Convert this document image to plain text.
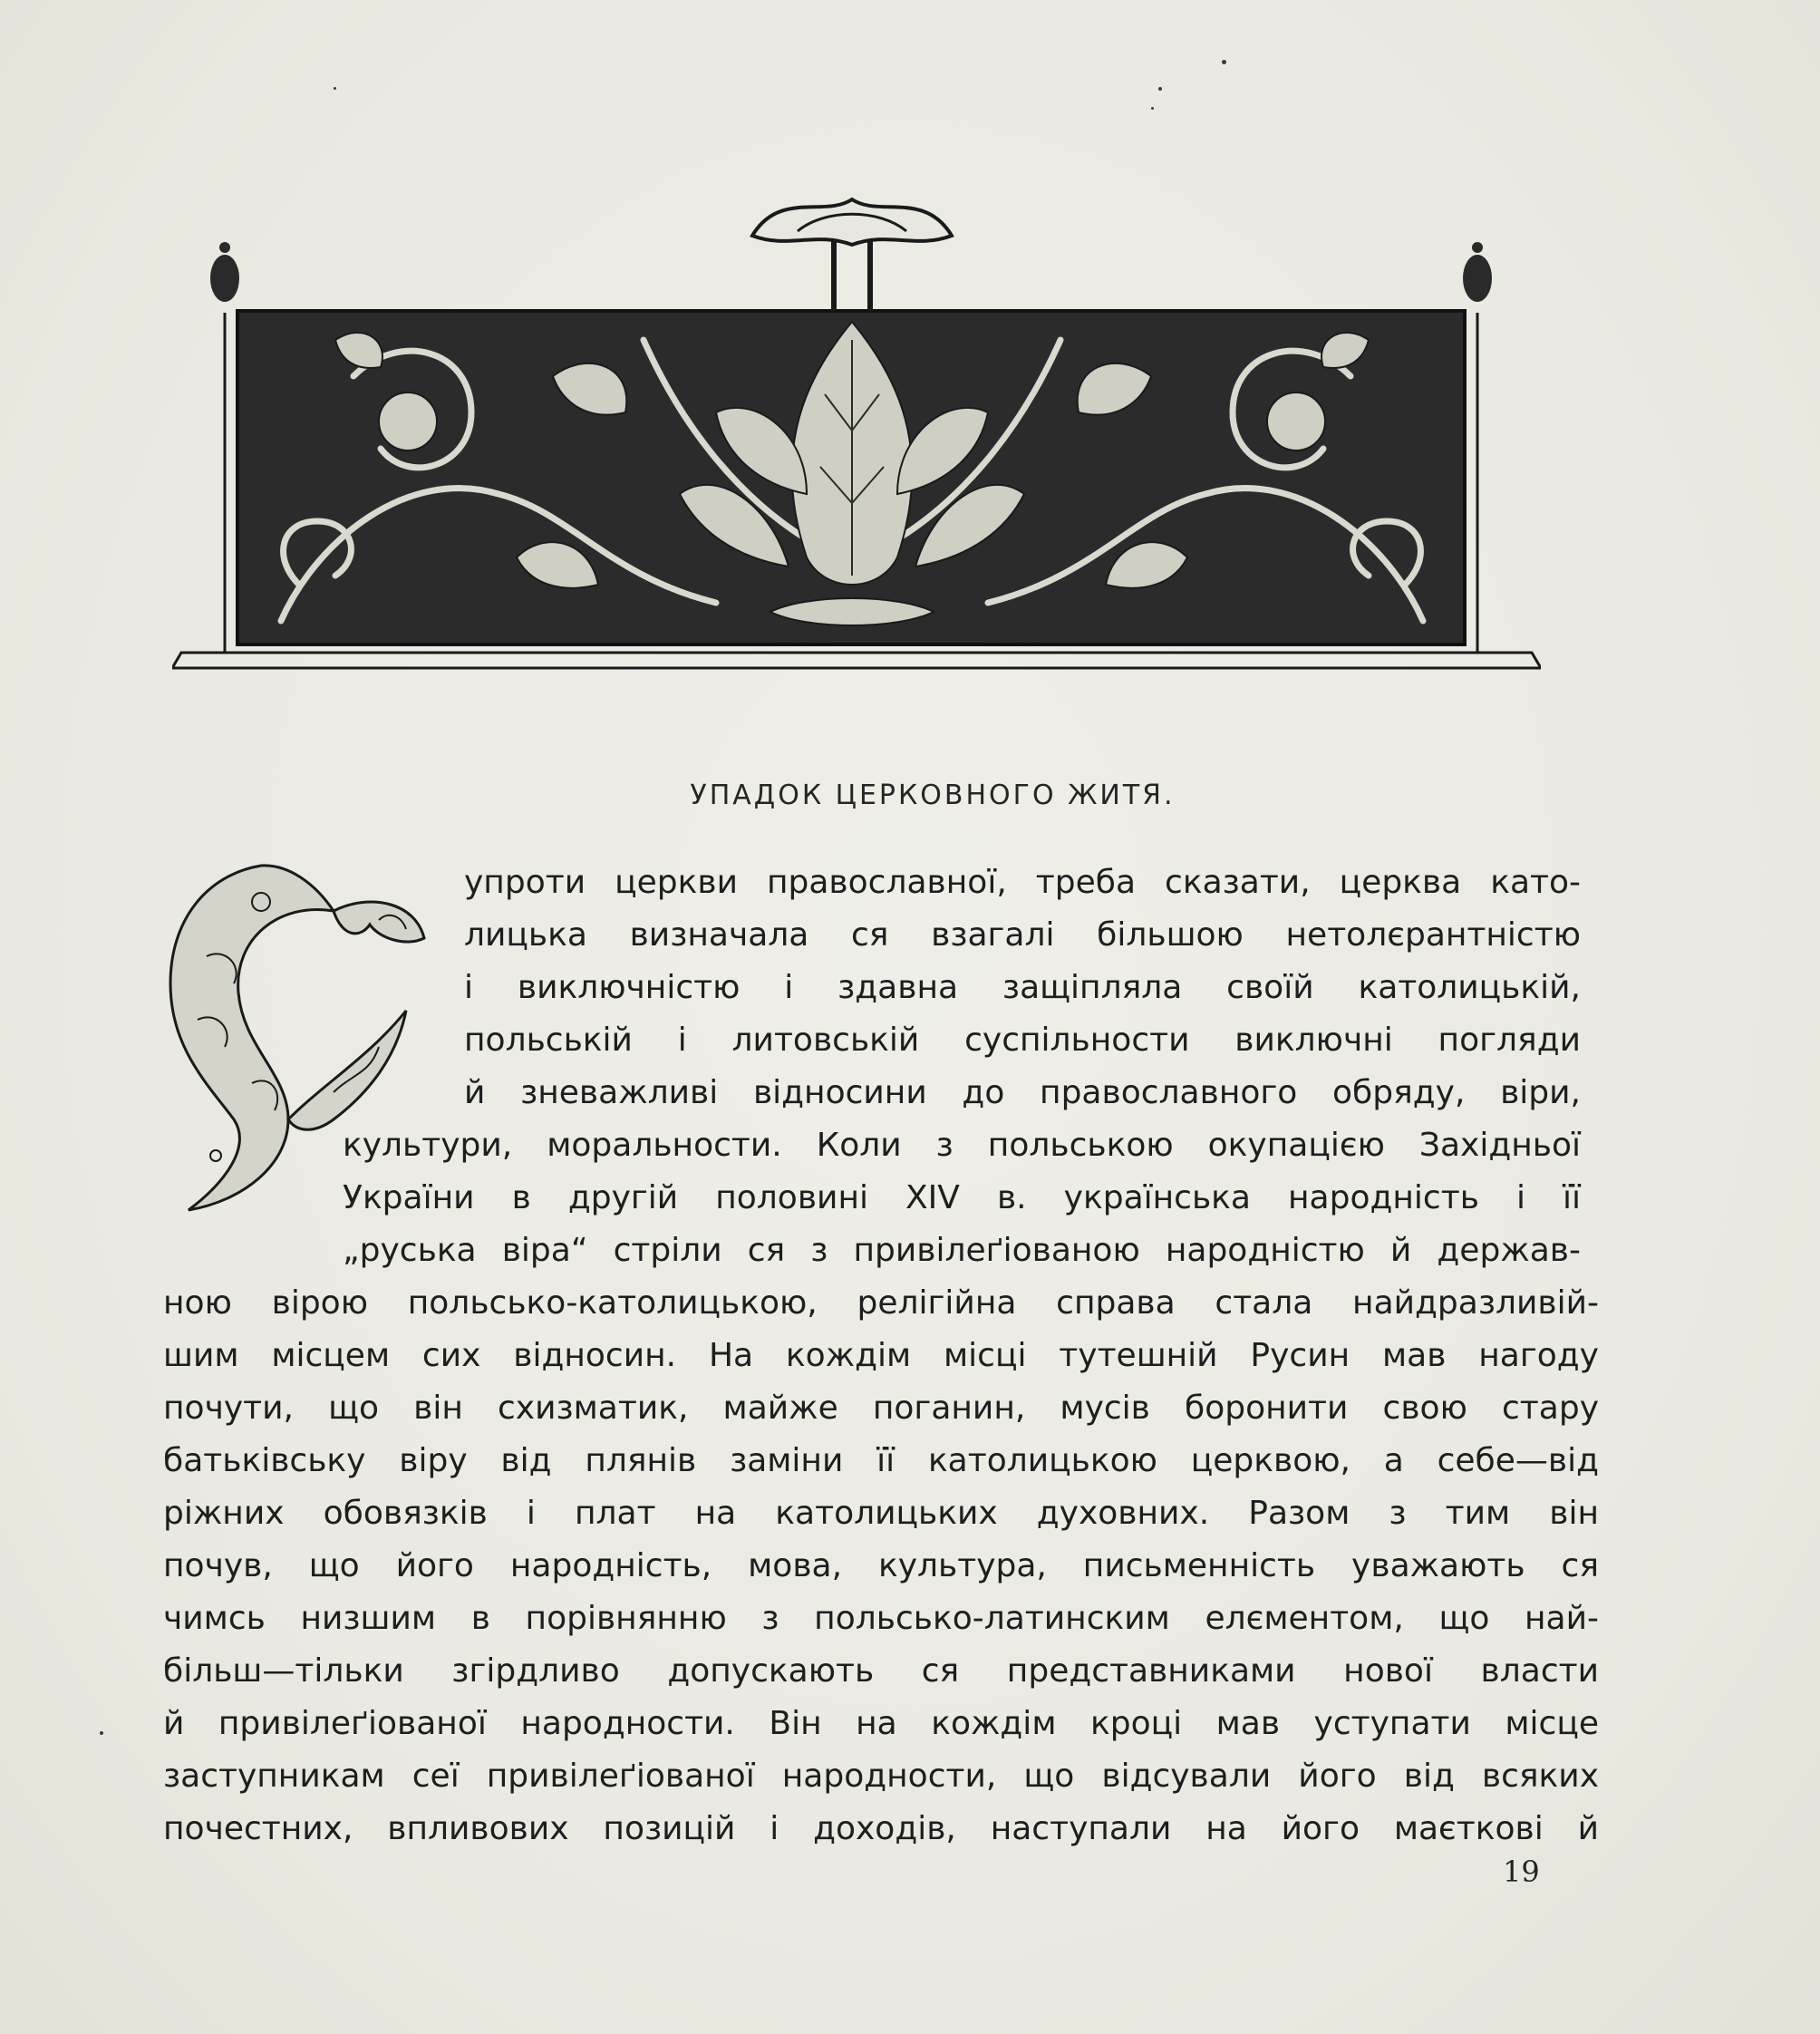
УПАДОК ЦЕРКОВНОГО ЖИТЯ.
упроти церкви православної, треба сказати, церква като-
лицька визначала ся взагалі більшою нетолєрантністю
і виключністю і здавна защіпляла своїй католицькій,
польській і литовській суспільности виключні погляди
й зневажливі відносини до православного обряду, віри,
культури, моральности. Коли з польською окупацією Західньої
України в другій половині XIV в. українська народність і її
„руська віра“ стріли ся з привілеґіованою народністю й держав-
ною вірою польсько-католицькою, релігійна справа стала найдразливій-
шим місцем сих відносин. На кождім місці тутешній Русин мав нагоду
почути, що він схизматик, майже поганин, мусів боронити свою стару
батьківську віру від плянів заміни її католицькою церквою, а себе—від
ріжних обовязків і плат на католицьких духовних. Разом з тим він
почув, що його народність, мова, культура, письменність уважають ся
чимсь низшим в порівнянню з польсько-латинским елєментом, що най-
більш—тільки згірдливо допускають ся представниками нової власти
й привілеґіованої народности. Він на кождім кроці мав уступати місце
заступникам сеї привілеґіованої народности, що відсували його від всяких
почестних, впливових позицій і доходів, наступали на його маєткові й
19
